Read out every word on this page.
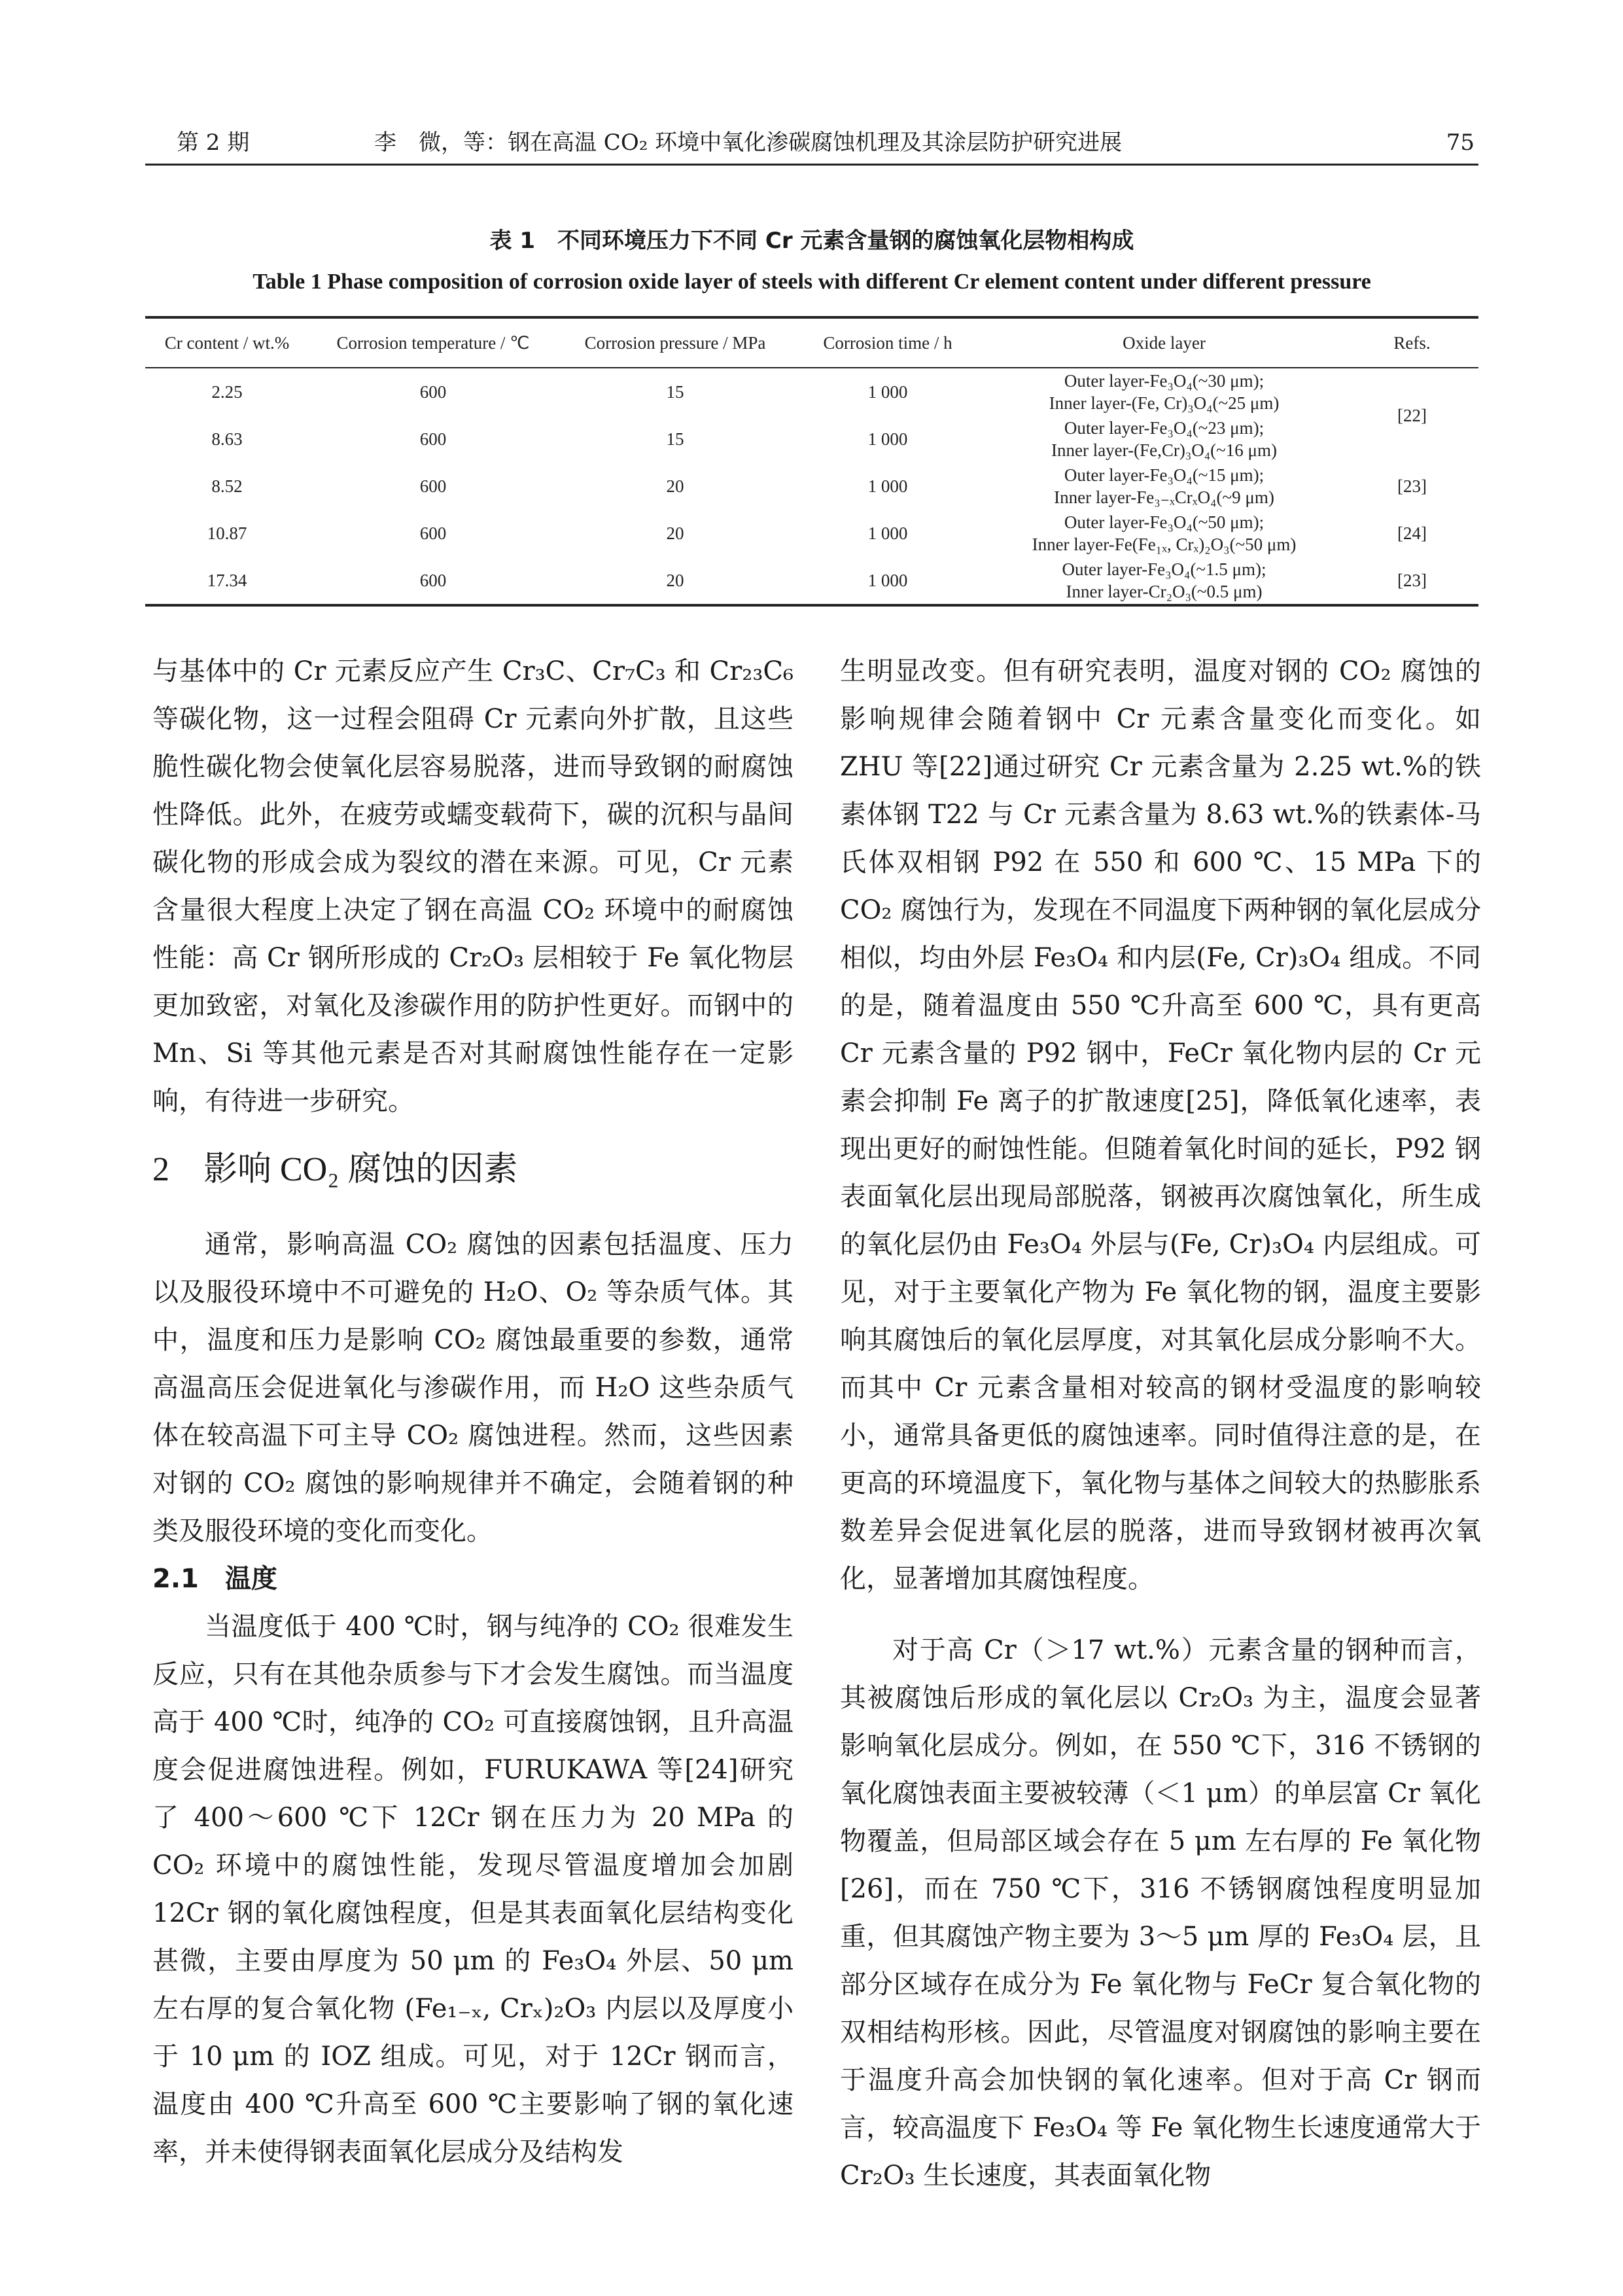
第 2 期	李　微，等：钢在高温 CO₂ 环境中氧化渗碳腐蚀机理及其涂层防护研究进展	75
表 1　不同环境压力下不同 Cr 元素含量钢的腐蚀氧化层物相构成
Table 1 Phase composition of corrosion oxide layer of steels with different Cr element content under different pressure
Cr content / wt.%	Corrosion temperature / ℃	Corrosion pressure / MPa	Corrosion time / h	Oxide layer	Refs.
2.25	600	15	1 000	Outer layer-Fe₃O₄(~30 μm);
Inner layer-(Fe, Cr)₃O₄(~25 μm)	[22]
8.63	600	15	1 000	Outer layer-Fe₃O₄(~23 μm);
Inner layer-(Fe,Cr)₃O₄(~16 μm)	

8.52	600	20	1 000	Outer layer-Fe₃O₄(~15 μm);
Inner layer-Fe₃₋ₓCrₓO₄(~9 μm)	[23]
10.87	600	20	1 000	Outer layer-Fe₃O₄(~50 μm);
Inner layer-Fe(Fe₁ₓ, Crₓ)₂O₃(~50 μm)	[24]
17.34	600	20	1 000	Outer layer-Fe₃O₄(~1.5 μm);
Inner layer-Cr₂O₃(~0.5 μm)	[23]

与基体中的 Cr 元素反应产生 Cr₃C、Cr₇C₃ 和 Cr₂₃C₆ 等碳化物，这一过程会阻碍 Cr 元素向外扩散，且这些脆性碳化物会使氧化层容易脱落，进而导致钢的耐腐蚀性降低。此外，在疲劳或蠕变载荷下，碳的沉积与晶间碳化物的形成会成为裂纹的潜在来源。可见，Cr 元素含量很大程度上决定了钢在高温 CO₂ 环境中的耐腐蚀性能：高 Cr 钢所形成的 Cr₂O₃ 层相较于 Fe 氧化物层更加致密，对氧化及渗碳作用的防护性更好。而钢中的 Mn、Si 等其他元素是否对其耐腐蚀性能存在一定影响，有待进一步研究。

2　影响 CO₂ 腐蚀的因素

通常，影响高温 CO₂ 腐蚀的因素包括温度、压力以及服役环境中不可避免的 H₂O、O₂ 等杂质气体。其中，温度和压力是影响 CO₂ 腐蚀最重要的参数，通常高温高压会促进氧化与渗碳作用，而 H₂O 这些杂质气体在较高温下可主导 CO₂ 腐蚀进程。然而，这些因素对钢的 CO₂ 腐蚀的影响规律并不确定，会随着钢的种类及服役环境的变化而变化。

2.1　温度

当温度低于 400 ℃时，钢与纯净的 CO₂ 很难发生反应，只有在其他杂质参与下才会发生腐蚀。而当温度高于 400 ℃时，纯净的 CO₂ 可直接腐蚀钢，且升高温度会促进腐蚀进程。例如，FURUKAWA 等[24]研究了 400～600 ℃下 12Cr 钢在压力为 20 MPa 的 CO₂ 环境中的腐蚀性能，发现尽管温度增加会加剧 12Cr 钢的氧化腐蚀程度，但是其表面氧化层结构变化甚微，主要由厚度为 50 μm 的 Fe₃O₄ 外层、50 μm 左右厚的复合氧化物 (Fe₁₋ₓ, Crₓ)₂O₃ 内层以及厚度小于 10 μm 的 IOZ 组成。可见，对于 12Cr 钢而言，温度由 400 ℃升高至 600 ℃主要影响了钢的氧化速率，并未使得钢表面氧化层成分及结构发

生明显改变。但有研究表明，温度对钢的 CO₂ 腐蚀的影响规律会随着钢中 Cr 元素含量变化而变化。如 ZHU 等[22]通过研究 Cr 元素含量为 2.25 wt.%的铁素体钢 T22 与 Cr 元素含量为 8.63 wt.%的铁素体-马氏体双相钢 P92 在 550 和 600 ℃、15 MPa 下的 CO₂ 腐蚀行为，发现在不同温度下两种钢的氧化层成分相似，均由外层 Fe₃O₄ 和内层(Fe, Cr)₃O₄ 组成。不同的是，随着温度由 550 ℃升高至 600 ℃，具有更高 Cr 元素含量的 P92 钢中，FeCr 氧化物内层的 Cr 元素会抑制 Fe 离子的扩散速度[25]，降低氧化速率，表现出更好的耐蚀性能。但随着氧化时间的延长，P92 钢表面氧化层出现局部脱落，钢被再次腐蚀氧化，所生成的氧化层仍由 Fe₃O₄ 外层与(Fe, Cr)₃O₄ 内层组成。可见，对于主要氧化产物为 Fe 氧化物的钢，温度主要影响其腐蚀后的氧化层厚度，对其氧化层成分影响不大。而其中 Cr 元素含量相对较高的钢材受温度的影响较小，通常具备更低的腐蚀速率。同时值得注意的是，在更高的环境温度下，氧化物与基体之间较大的热膨胀系数差异会促进氧化层的脱落，进而导致钢材被再次氧化，显著增加其腐蚀程度。

对于高 Cr（＞17 wt.%）元素含量的钢种而言，其被腐蚀后形成的氧化层以 Cr₂O₃ 为主，温度会显著影响氧化层成分。例如，在 550 ℃下，316 不锈钢的氧化腐蚀表面主要被较薄（＜1 μm）的单层富 Cr 氧化物覆盖，但局部区域会存在 5 μm 左右厚的 Fe 氧化物[26]，而在 750 ℃下，316 不锈钢腐蚀程度明显加重，但其腐蚀产物主要为 3～5 μm 厚的 Fe₃O₄ 层，且部分区域存在成分为 Fe 氧化物与 FeCr 复合氧化物的双相结构形核。因此，尽管温度对钢腐蚀的影响主要在于温度升高会加快钢的氧化速率。但对于高 Cr 钢而言，较高温度下 Fe₃O₄ 等 Fe 氧化物生长速度通常大于 Cr₂O₃ 生长速度，其表面氧化物
